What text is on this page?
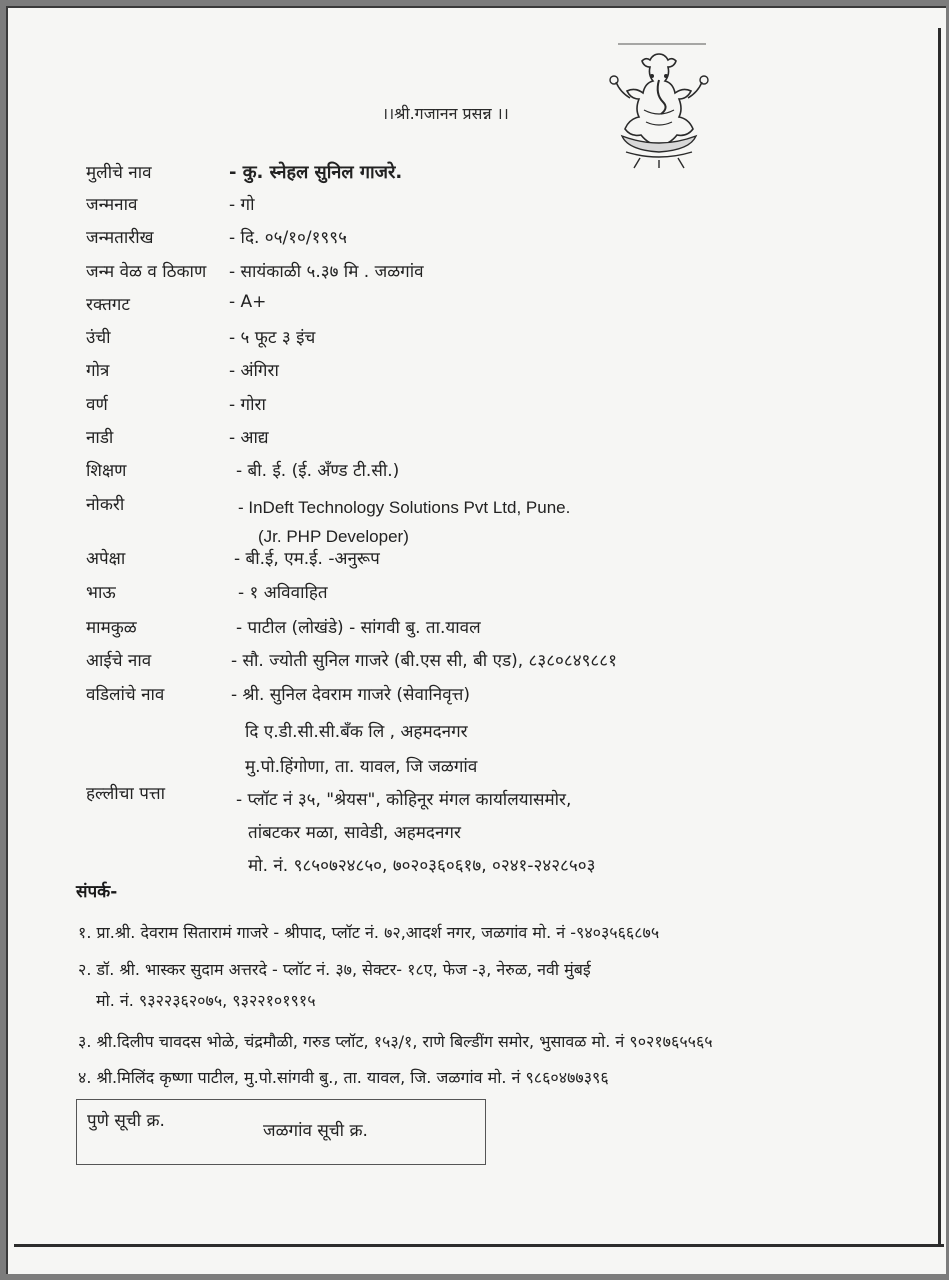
।।श्री.गजानन प्रसन्न ।।
मुलीचे नाव	- कु. स्नेहल सुनिल गाजरे.
जन्मनाव	- गो
जन्मतारीख	- दि. ०५/१०/१९९५
जन्म वेळ व ठिकाण - सायंकाळी ५.३७ मि . जळगांव
रक्तगट	- A+
उंची	- ५ फूट ३ इंच
गोत्र	- अंगिरा
वर्ण	- गोरा
नाडी	- आद्य
शिक्षण	- बी. ई. (ई. अँण्ड टी.सी.)
नोकरी	- InDeft Technology Solutions Pvt Ltd, Pune.
(Jr. PHP Developer)
अपेक्षा	- बी.ई, एम.ई. -अनुरूप
भाऊ	- १ अविवाहित
मामकुळ	- पाटील (लोखंडे) - सांगवी बु. ता.यावल
आईचे नाव	- सौ. ज्योती सुनिल गाजरे (बी.एस सी, बी एड), ८३८०८४९८८१
वडिलांचे नाव	- श्री. सुनिल देवराम गाजरे (सेवानिवृत्त)
दि ए.डी.सी.सी.बँक लि , अहमदनगर
मु.पो.हिंगोणा, ता. यावल, जि जळगांव
हल्लीचा पत्ता	- प्लॉट नं ३५, "श्रेयस", कोहिनूर मंगल कार्यालयासमोर,
तांबटकर मळा, सावेडी, अहमदनगर
मो. नं. ९८५०७२४८५०, ७०२०३६०६१७, ०२४१-२४२८५०३
संपर्क-
१. प्रा.श्री. देवराम सितारामं गाजरे - श्रीपाद, प्लॉट नं. ७२,आदर्श नगर, जळगांव मो. नं -९४०३५६६८७५
२. डॉ. श्री. भास्कर सुदाम अत्तरदे - प्लॉट नं. ३७, सेक्टर- १८ए, फेज -३, नेरुळ, नवी मुंबई
मो. नं. ९३२२३६२०७५, ९३२२१०१९१५
३. श्री.दिलीप चावदस भोळे, चंद्रमौळी, गरुड प्लॉट, १५३/१, राणे बिल्डींग समोर, भुसावळ मो. नं ९०२१७६५५६५
४. श्री.मिलिंद कृष्णा पाटील, मु.पो.सांगवी बु., ता. यावल, जि. जळगांव मो. नं ९८६०४७७३९६
पुणे सूची क्र.	जळगांव सूची क्र.
